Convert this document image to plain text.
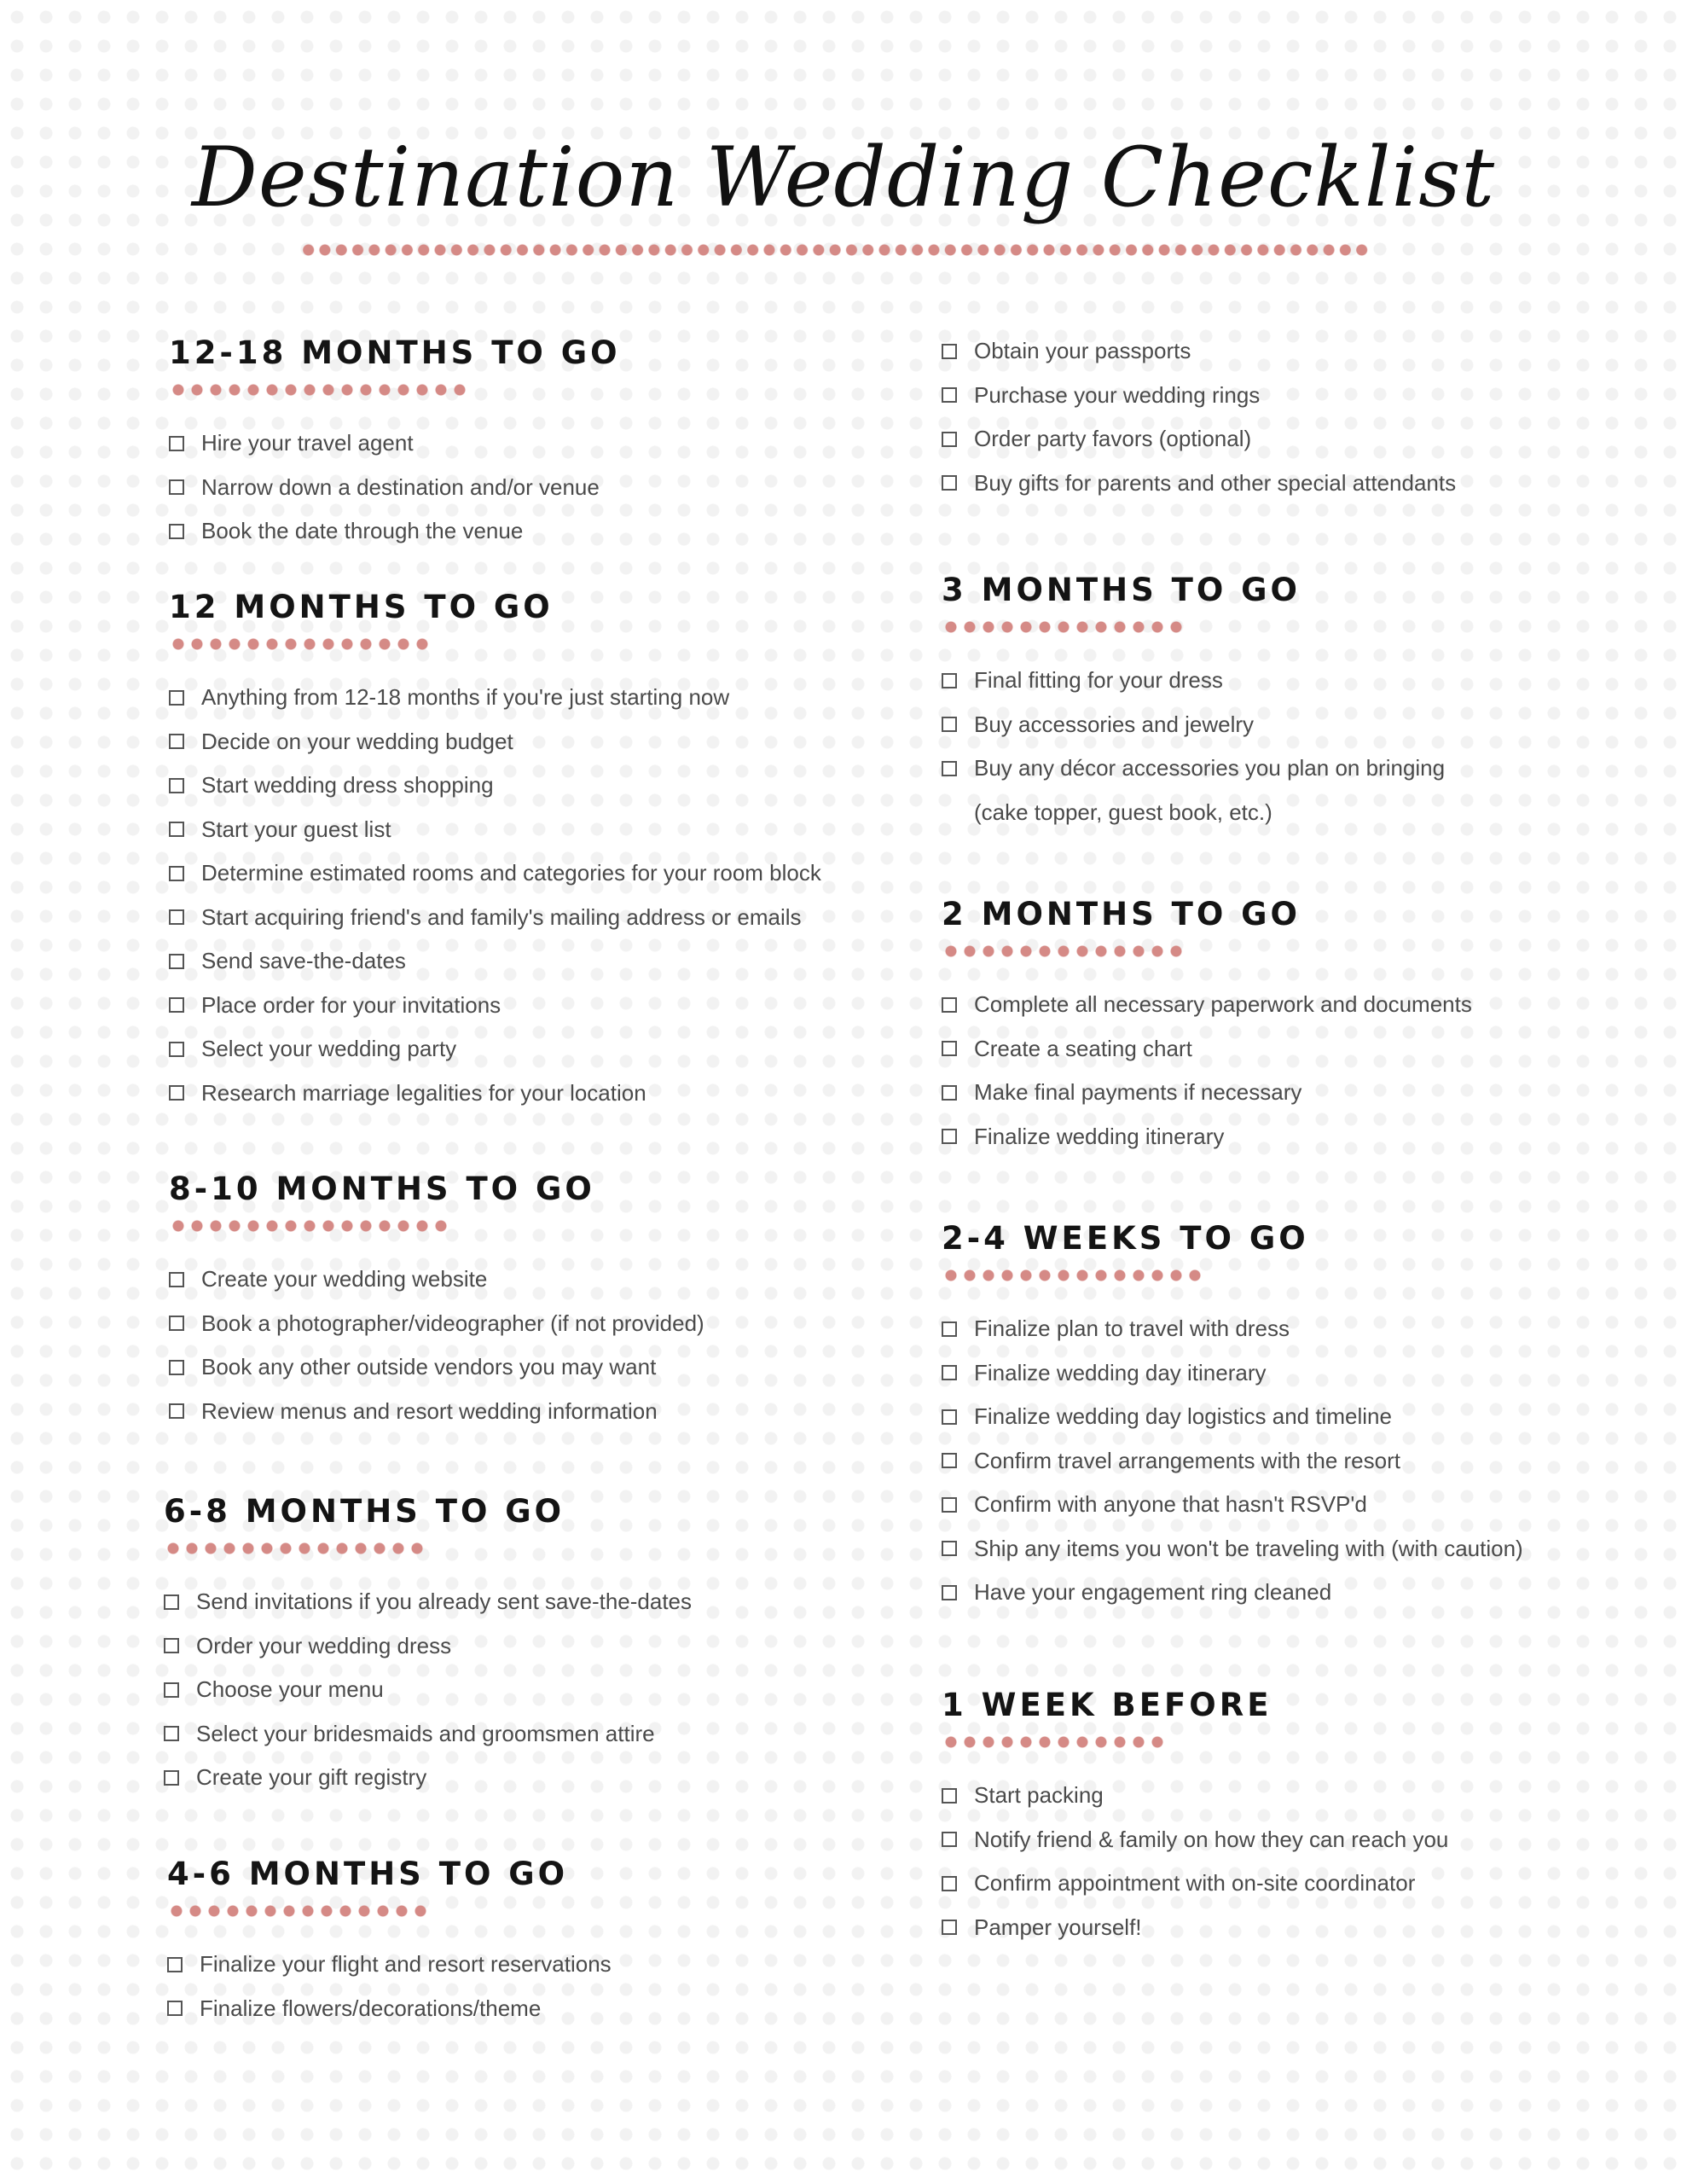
Destination Wedding Checklist
12-18 MONTHS TO GO
Hire your travel agent
Narrow down a destination and/or venue
Book the date through the venue
12 MONTHS TO GO
Anything from 12-18 months if you're just starting now
Decide on your wedding budget
Start wedding dress shopping
Start your guest list
Determine estimated rooms and categories for your room block
Start acquiring friend's and family's mailing address or emails
Send save-the-dates
Place order for your invitations
Select your wedding party
Research marriage legalities for your location
8-10 MONTHS TO GO
Create your wedding website
Book a photographer/videographer (if not provided)
Book any other outside vendors you may want
Review menus and resort wedding information
6-8 MONTHS TO GO
Send invitations if you already sent save-the-dates
Order your wedding dress
Choose your menu
Select your bridesmaids and groomsmen attire
Create your gift registry
4-6 MONTHS TO GO
Finalize your flight and resort reservations
Finalize flowers/decorations/theme
Obtain your passports
Purchase your wedding rings
Order party favors (optional)
Buy gifts for parents and other special attendants
3 MONTHS TO GO
Final fitting for your dress
Buy accessories and jewelry
Buy any décor accessories you plan on bringing
(cake topper, guest book, etc.)
2 MONTHS TO GO
Complete all necessary paperwork and documents
Create a seating chart
Make final payments if necessary
Finalize wedding itinerary
2-4 WEEKS TO GO
Finalize plan to travel with dress
Finalize wedding day itinerary
Finalize wedding day logistics and timeline
Confirm travel arrangements with the resort
Confirm with anyone that hasn't RSVP'd
Ship any items you won't be traveling with (with caution)
Have your engagement ring cleaned
1 WEEK BEFORE
Start packing
Notify friend & family on how they can reach you
Confirm appointment with on-site coordinator
Pamper yourself!
